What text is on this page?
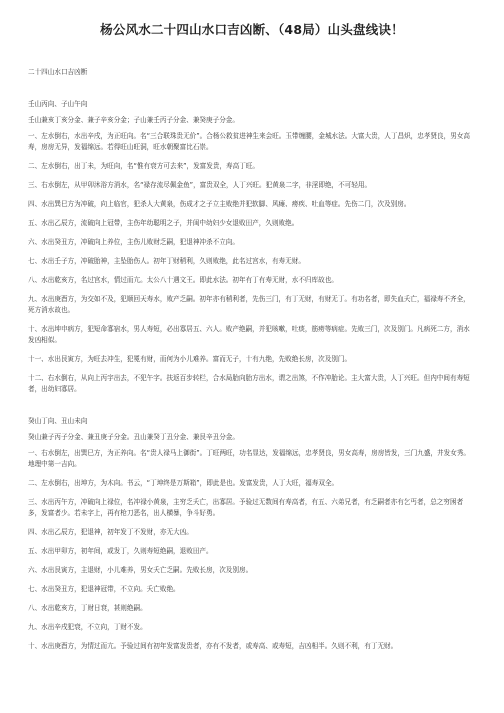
杨公风水二十四山水口吉凶断、（48局）山头盘线诀！
二十四山水口吉凶断
壬山丙向、子山午向
壬山兼亥丁亥分金、兼子辛亥分金；子山兼壬丙子分金、兼癸庚子分金。

一、左水倒右，水出辛戌，为正旺向。名“三合联珠贵无价”。合杨公救贫进神生来会旺。玉带缠腰，金城水法。大富大贵，人丁昌炽，忠孝贤良，男女高寿，房房无异，发福绵远。若得旺山旺洞，旺水朝聚富比石崇。

二、左水倒右，出丁未，为旺向，名“惟有衰方可去来”，发富发贵，寿高丁旺。

三、右水倒左，从甲卯沐浴方消水，名“禄存流尽佩金鱼”，富贵双全，人丁兴旺。犯黄泉二字，非淫即绝，不可轻用。

四、水出巽巳方为冲破，向上临官，犯杀人大黄泉，伤成才之子立主败绝并犯软脚、风瘫、痨疾、吐血等症。先伤二门，次及别房。

五、水出乙辰方，流破向上冠带，主伤年幼聪明之子，并闺中幼妇少女退败田产，久则败绝。

六、水出癸丑方，冲破向上养位，主伤儿败财乏嗣，犯退神冲杀不立向。

七、水出壬子方，冲破胎神，主坠胎伤人。初年丁财稍利，久则败绝，此名过宫水，有寿无财。

八、水出乾亥方，名过宫水，情过而亢。太公八十遇文王。即此水法。初年有丁有寿无财，水不归库故也。

九、水出庚酉方，为交如不及，犯顺回天寿水，败产乏嗣。初年亦有稍利者，先伤三门，有丁无财，有财无丁。有功名者，即失血夭亡，福禄寿不齐全，死方消水故也。

十、水出坤申病方，犯短命寡宿水，男人寿短，必出寡居五、六人。败产绝嗣，并犯咳嗽，吐痰，筋痨等病症。先败三门，次及别门。凡病死二方，消水发凶相似。

十一、水出艮寅方，为旺去冲生，犯冕有财，而何为小儿难养。富而无子，十有九绝，先败绝长房，次及别门。

十二、右水倒右，从向上丙宇出去，不犯午字。扶返百步转栏，合水局胎向胎方出水，谓之出煞，不作冲胎论。主大富大贵，人丁兴旺。但内中间有寿短者，出幼妇寡居。

癸山丁向、丑山未向
癸山兼子丙子分金、兼丑庚子分金。丑山兼癸丁丑分金、兼艮辛丑分金。

一、右水倒左，出巽巳方，为正养向。名“贵人禄马上御街”。丁旺两旺，功名显达，发福绵远，忠孝贤良，男女高寿，房房皆发，三门九盛，井发女秀。地理中第一吉向。

二、左水倒右，出坤方，为木向。书云，“丁坤终是万斯箱”，即此是也。发富发贵，人丁大旺，福寿双全。

三、水出丙午方，冲破向上禄位，名冲禄小黄泉，主穷乏夭亡，出寡居。予验过无数间有寿高者，有五、六弟兄者，有乏嗣者亦有乞丐者，总之穷困者多，发富者少。若未字上，再有枪刀恶名，出人横暴，争斗好勇。

四、水出乙辰方，犯退神，初年发丁不发财，亦无大凶。

五、水出甲卯方，初年间，或发丁，久则寿短绝嗣，退败田产。

六、水出艮寅方，主退财，小儿难养，男女夭亡乏嗣。先败长房，次及别房。

七、水出癸丑方，犯退神冠带，不立向。夭亡败绝。

八、水出乾亥方，丁财日衰，甚则绝嗣。

九、水出辛戌犯衰，不立向，丁财不发。

十、水出庚酉方，为情过而亢。予验过间有初年发富发贵者，亦有不发者，或寿高、或寿短，吉凶相半。久则不利，有丁无财。
